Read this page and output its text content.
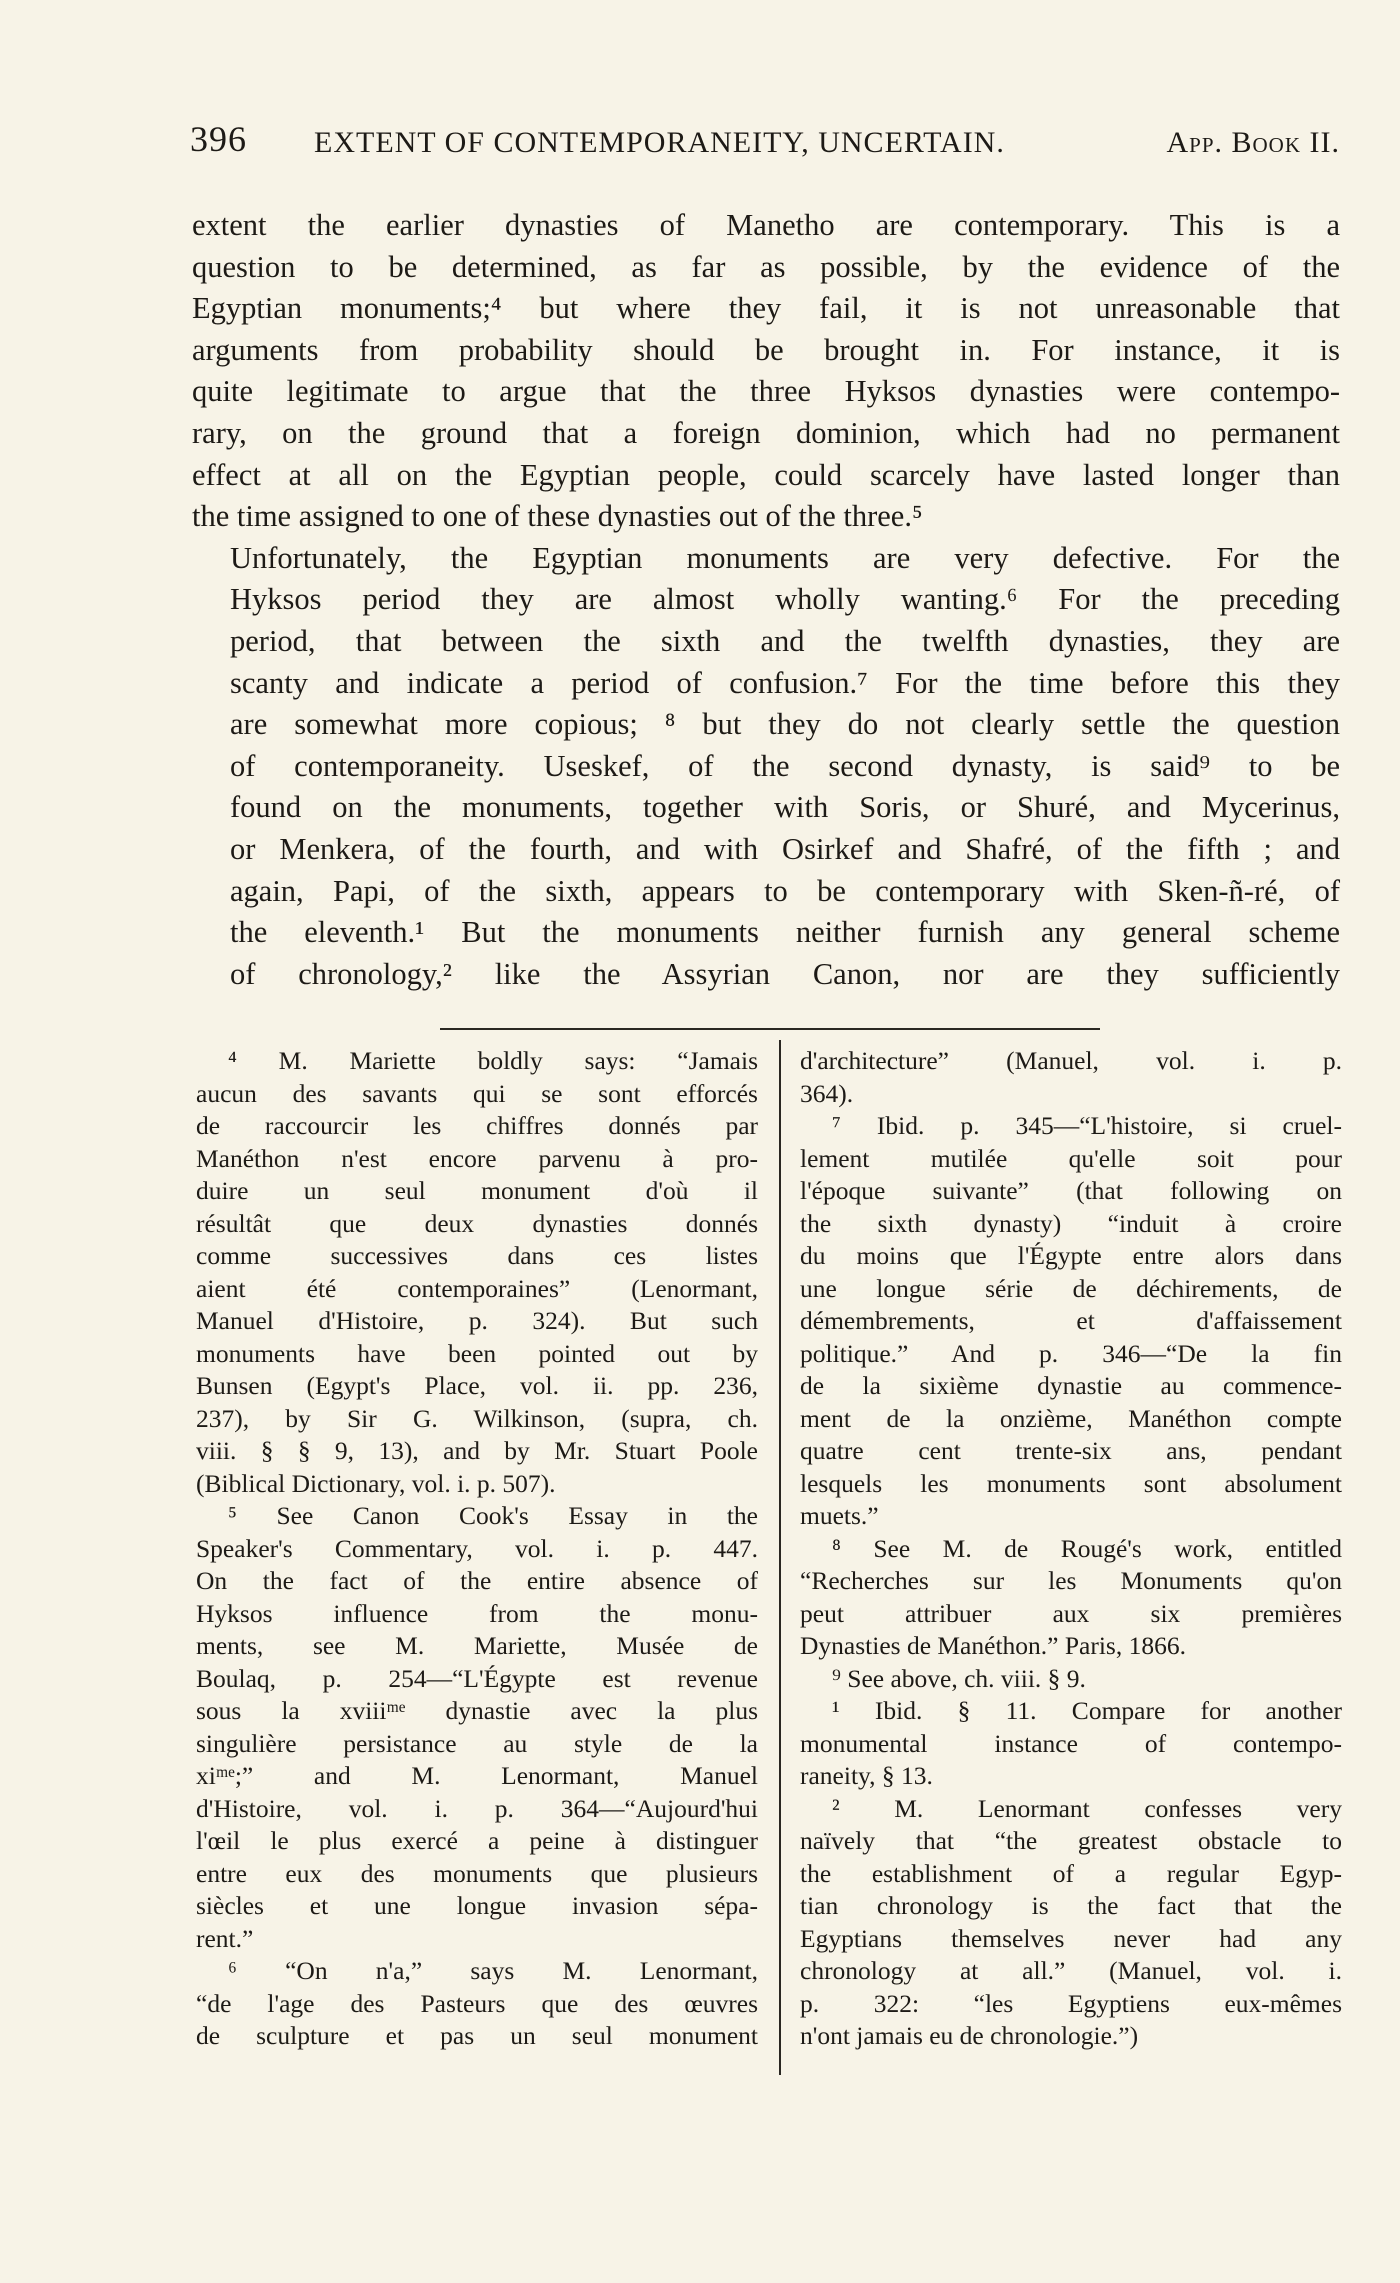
396 EXTENT OF CONTEMPORANEITY, UNCERTAIN.	App. Book II.

extent the earlier dynasties of Manetho are contemporary. This is a
question to be determined, as far as possible, by the evidence of the
Egyptian monuments;⁴ but where they fail, it is not unreasonable that
arguments from probability should be brought in. For instance, it is
quite legitimate to argue that the three Hyksos dynasties were contempo-
rary, on the ground that a foreign dominion, which had no permanent
effect at all on the Egyptian people, could scarcely have lasted longer than
the time assigned to one of these dynasties out of the three.⁵

Unfortunately, the Egyptian monuments are very defective. For the
Hyksos period they are almost wholly wanting.⁶ For the preceding
period, that between the sixth and the twelfth dynasties, they are
scanty and indicate a period of confusion.⁷ For the time before this they
are somewhat more copious; ⁸ but they do not clearly settle the question
of contemporaneity. Useskef, of the second dynasty, is said⁹ to be
found on the monuments, together with Soris, or Shuré, and Mycerinus,
or Menkera, of the fourth, and with Osirkef and Shafré, of the fifth ; and
again, Papi, of the sixth, appears to be contemporary with Sken-ñ-ré, of
the eleventh.¹ But the monuments neither furnish any general scheme
of chronology,² like the Assyrian Canon, nor are they sufficiently

⁴ M. Mariette boldly says: “Jamais
aucun des savants qui se sont efforcés
de raccourcir les chiffres donnés par
Manéthon n'est encore parvenu à pro-
duire un seul monument d'où il
résultât que deux dynasties donnés
comme successives dans ces listes
aient été contemporaines” (Lenormant,
Manuel d'Histoire, p. 324). But such
monuments have been pointed out by
Bunsen (Egypt's Place, vol. ii. pp. 236,
237), by Sir G. Wilkinson, (supra, ch.
viii. § § 9, 13), and by Mr. Stuart Poole
(Biblical Dictionary, vol. i. p. 507).
⁵ See Canon Cook's Essay in the
Speaker's Commentary, vol. i. p. 447.
On the fact of the entire absence of
Hyksos influence from the monu-
ments, see M. Mariette, Musée de
Boulaq, p. 254—“L'Égypte est revenue
sous la xviiiᵐᵉ dynastie avec la plus
singulière persistance au style de la
xiᵐᵉ;” and M. Lenormant, Manuel
d'Histoire, vol. i. p. 364—“Aujourd'hui
l'œil le plus exercé a peine à distinguer
entre eux des monuments que plusieurs
siècles et une longue invasion sépa-
rent.”
⁶ “On n'a,” says M. Lenormant,
“de l'age des Pasteurs que des œuvres
de sculpture et pas un seul monument
d'architecture” (Manuel, vol. i. p.
364).
⁷ Ibid. p. 345—“L'histoire, si cruel-
lement mutilée qu'elle soit pour
l'époque suivante” (that following on
the sixth dynasty) “induit à croire
du moins que l'Égypte entre alors dans
une longue série de déchirements, de
démembrements, et d'affaissement
politique.” And p. 346—“De la fin
de la sixième dynastie au commence-
ment de la onzième, Manéthon compte
quatre cent trente-six ans, pendant
lesquels les monuments sont absolument
muets.”
⁸ See M. de Rougé's work, entitled
“Recherches sur les Monuments qu'on
peut attribuer aux six premières
Dynasties de Manéthon.” Paris, 1866.
⁹ See above, ch. viii. § 9.
¹ Ibid. § 11. Compare for another
monumental instance of contempo-
raneity, § 13.
² M. Lenormant confesses very
naïvely that “the greatest obstacle to
the establishment of a regular Egyp-
tian chronology is the fact that the
Egyptians themselves never had any
chronology at all.” (Manuel, vol. i.
p. 322: “les Egyptiens eux-mêmes
n'ont jamais eu de chronologie.”)
